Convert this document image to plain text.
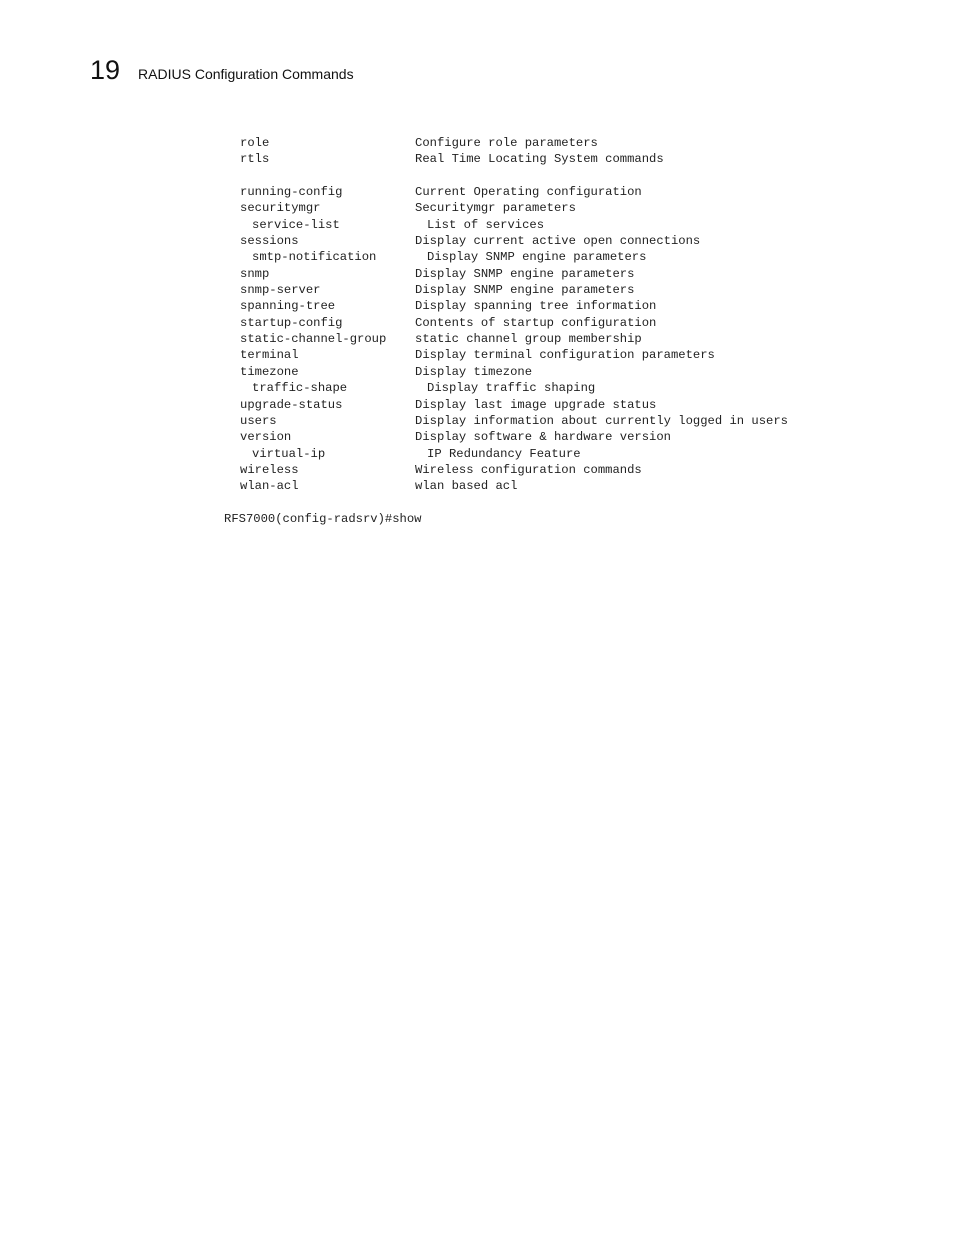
19 RADIUS Configuration Commands
role	Configure role parameters
rtls	Real Time Locating System commands
running-config	Current Operating configuration
securitymgr	Securitymgr parameters
service-list	List of services
sessions	Display current active open connections
smtp-notification	Display SNMP engine parameters
snmp	Display SNMP engine parameters
snmp-server	Display SNMP engine parameters
spanning-tree	Display spanning tree information
startup-config	Contents of startup configuration
static-channel-group static channel group membership
terminal	Display terminal configuration parameters
timezone	Display timezone
traffic-shape	Display traffic shaping
upgrade-status	Display last image upgrade status
users	Display information about currently logged in users
version	Display software & hardware version
virtual-ip	IP Redundancy Feature
wireless	Wireless configuration commands
wlan-acl	wlan based acl
RFS7000(config-radsrv)#show
